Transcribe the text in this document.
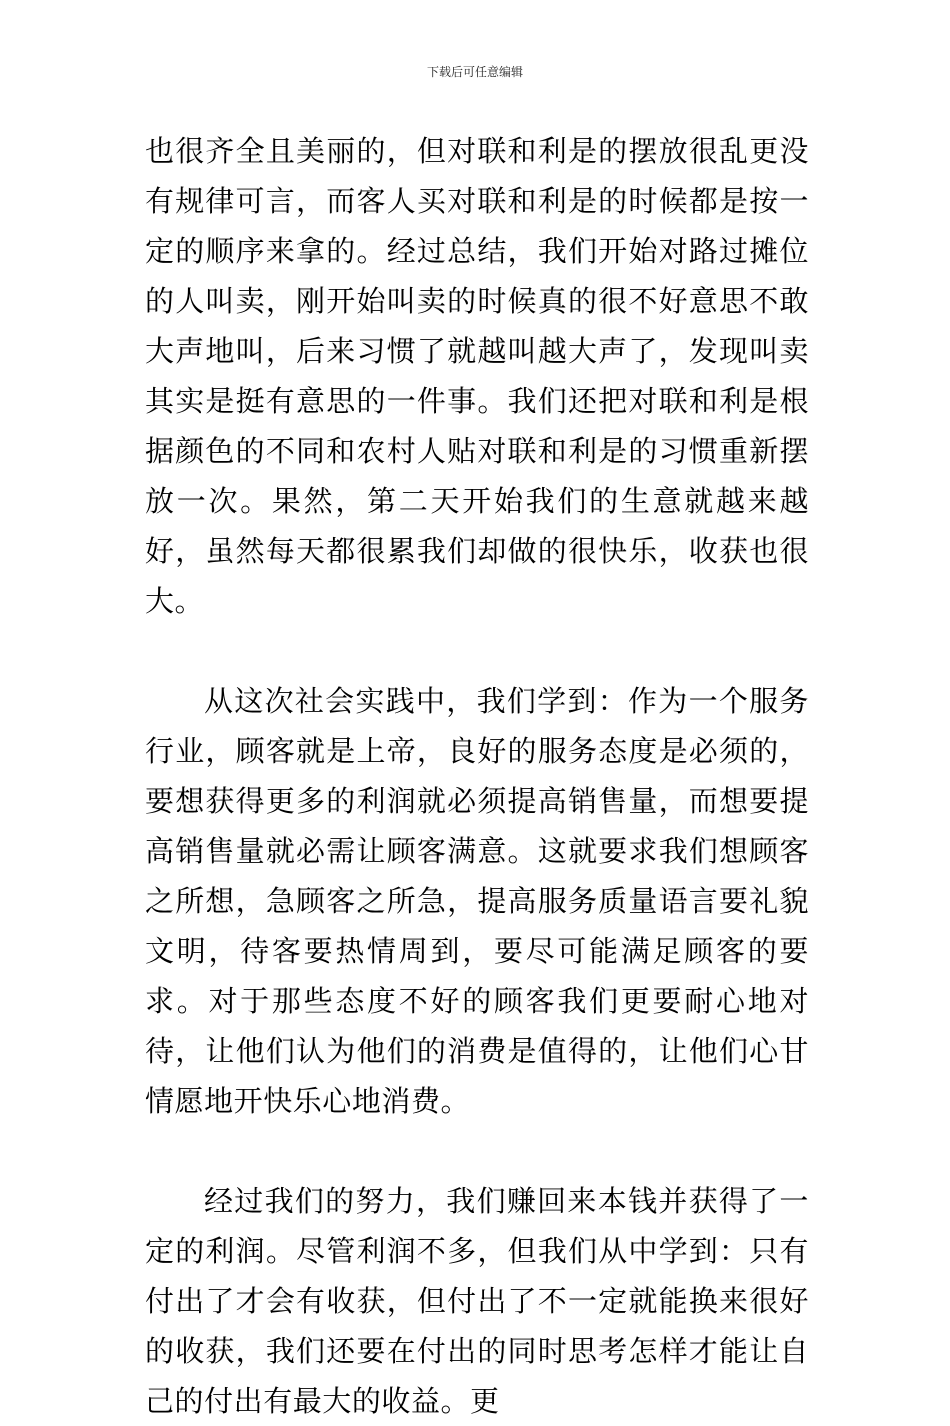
下载后可任意编辑

也很齐全且美丽的，但对联和利是的摆放很乱更没有规律可言，而客人买对联和利是的时候都是按一定的顺序来拿的。经过总结，我们开始对路过摊位的人叫卖，刚开始叫卖的时候真的很不好意思不敢大声地叫，后来习惯了就越叫越大声了，发现叫卖其实是挺有意思的一件事。我们还把对联和利是根据颜色的不同和农村人贴对联和利是的习惯重新摆放一次。果然，第二天开始我们的生意就越来越好，虽然每天都很累我们却做的很快乐，收获也很大。

从这次社会实践中，我们学到：作为一个服务行业，顾客就是上帝，良好的服务态度是必须的，要想获得更多的利润就必须提高销售量，而想要提高销售量就必需让顾客满意。这就要求我们想顾客之所想，急顾客之所急，提高服务质量语言要礼貌文明，待客要热情周到，要尽可能满足顾客的要求。对于那些态度不好的顾客我们更要耐心地对待，让他们认为他们的消费是值得的，让他们心甘情愿地开快乐心地消费。

经过我们的努力，我们赚回来本钱并获得了一定的利润。尽管利润不多，但我们从中学到：只有付出了才会有收获，但付出了不一定就能换来很好的收获，我们还要在付出的同时思考怎样才能让自己的付出有最大的收益。更
